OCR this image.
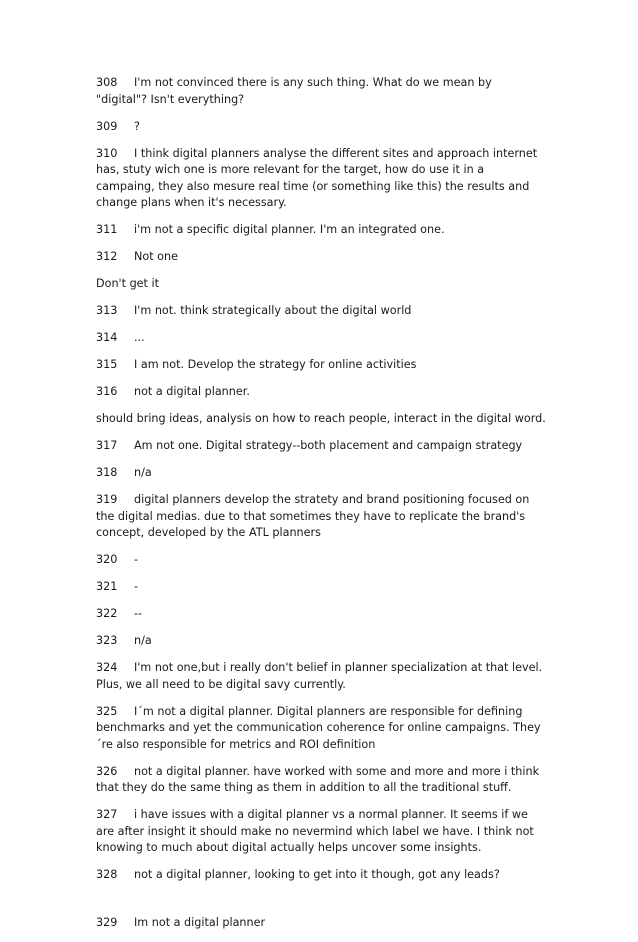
308 I'm not convinced there is any such thing. What do we mean by "digital"? Isn't everything?

309 ?

310 I think digital planners analyse the different sites and approach internet has, stuty wich one is more relevant for the target, how do use it in a campaing, they also mesure real time (or something like this) the results and change plans when it's necessary.

311 i'm not a specific digital planner. I'm an integrated one.

312 Not one

Don't get it

313 I'm not. think strategically about the digital world

314 ...

315 I am not. Develop the strategy for online activities

316 not a digital planner.

should bring ideas, analysis on how to reach people, interact in the digital word.

317 Am not one. Digital strategy--both placement and campaign strategy

318 n/a

319 digital planners develop the stratety and brand positioning focused on the digital medias. due to that sometimes they have to replicate the brand's concept, developed by the ATL planners

320 -

321 -

322 --

323 n/a

324 I'm not one,but i really don't belief in planner specialization at that level. Plus, we all need to be digital savy currently.

325 I´m not a digital planner. Digital planners are responsible for defining benchmarks and yet the communication coherence for online campaigns. They´re also responsible for metrics and ROI definition

326 not a digital planner. have worked with some and more and more i think that they do the same thing as them in addition to all the traditional stuff.

327 i have issues with a digital planner vs a normal planner. It seems if we are after insight it should make no nevermind which label we have. I think not knowing to much about digital actually helps uncover some insights.

328 not a digital planner, looking to get into it though, got any leads?

329 Im not a digital planner
